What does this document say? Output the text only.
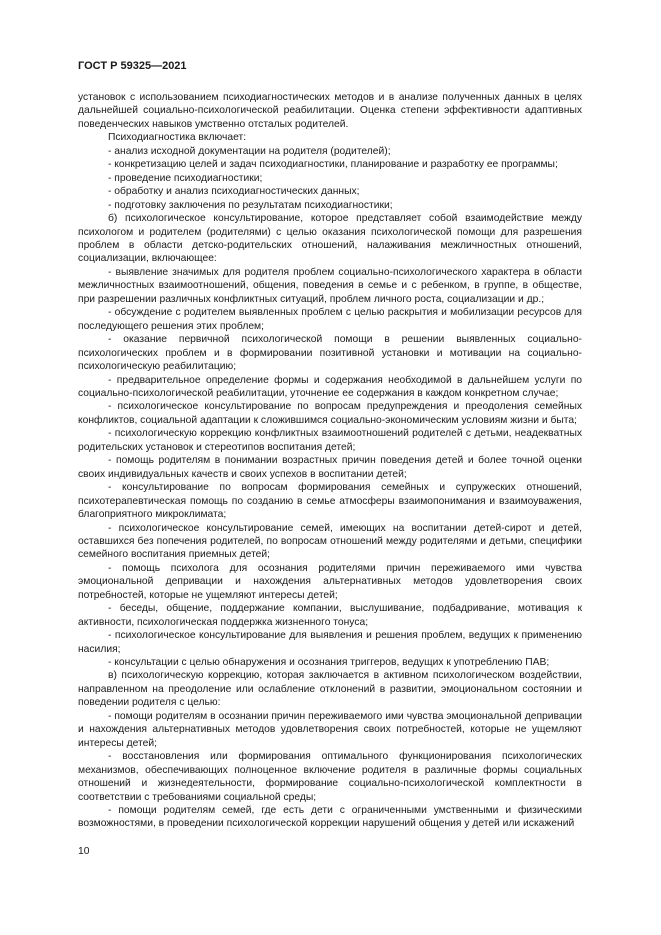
ГОСТ Р 59325—2021

установок с использованием психодиагностических методов и в анализе полученных данных в целях дальнейшей социально-психологической реабилитации. Оценка степени эффективности адаптивных поведенческих навыков умственно отсталых родителей.

Психодиагностика включает:

- анализ исходной документации на родителя (родителей);

- конкретизацию целей и задач психодиагностики, планирование и разработку ее программы;

- проведение психодиагностики;

- обработку и анализ психодиагностических данных;

- подготовку заключения по результатам психодиагностики;

б) психологическое консультирование, которое представляет собой взаимодействие между психологом и родителем (родителями) с целью оказания психологической помощи для разрешения проблем в области детско-родительских отношений, налаживания межличностных отношений, социализации, включающее:

- выявление значимых для родителя проблем социально-психологического характера в области межличностных взаимоотношений, общения, поведения в семье и с ребенком, в группе, в обществе, при разрешении различных конфликтных ситуаций, проблем личного роста, социализации и др.;

- обсуждение с родителем выявленных проблем с целью раскрытия и мобилизации ресурсов для последующего решения этих проблем;

- оказание первичной психологической помощи в решении выявленных социально-психологических проблем и в формировании позитивной установки и мотивации на социально-психологическую реабилитацию;

- предварительное определение формы и содержания необходимой в дальнейшем услуги по социально-психологической реабилитации, уточнение ее содержания в каждом конкретном случае;

- психологическое консультирование по вопросам предупреждения и преодоления семейных конфликтов, социальной адаптации к сложившимся социально-экономическим условиям жизни и быта;

- психологическую коррекцию конфликтных взаимоотношений родителей с детьми, неадекватных родительских установок и стереотипов воспитания детей;

- помощь родителям в понимании возрастных причин поведения детей и более точной оценки своих индивидуальных качеств и своих успехов в воспитании детей;

- консультирование по вопросам формирования семейных и супружеских отношений, психотерапевтическая помощь по созданию в семье атмосферы взаимопонимания и взаимоуважения, благоприятного микроклимата;

- психологическое консультирование семей, имеющих на воспитании детей-сирот и детей, оставшихся без попечения родителей, по вопросам отношений между родителями и детьми, специфики семейного воспитания приемных детей;

- помощь психолога для осознания родителями причин переживаемого ими чувства эмоциональной депривации и нахождения альтернативных методов удовлетворения своих потребностей, которые не ущемляют интересы детей;

- беседы, общение, поддержание компании, выслушивание, подбадривание, мотивация к активности, психологическая поддержка жизненного тонуса;

- психологическое консультирование для выявления и решения проблем, ведущих к применению насилия;

- консультации с целью обнаружения и осознания триггеров, ведущих к употреблению ПАВ;

в) психологическую коррекцию, которая заключается в активном психологическом воздействии, направленном на преодоление или ослабление отклонений в развитии, эмоциональном состоянии и поведении родителя с целью:

- помощи родителям в осознании причин переживаемого ими чувства эмоциональной депривации и нахождения альтернативных методов удовлетворения своих потребностей, которые не ущемляют интересы детей;

- восстановления или формирования оптимального функционирования психологических механизмов, обеспечивающих полноценное включение родителя в различные формы социальных отношений и жизнедеятельности, формирование социально-психологической комплектности в соответствии с требованиями социальной среды;

- помощи родителям семей, где есть дети с ограниченными умственными и физическими возможностями, в проведении психологической коррекции нарушений общения у детей или искажений

10
